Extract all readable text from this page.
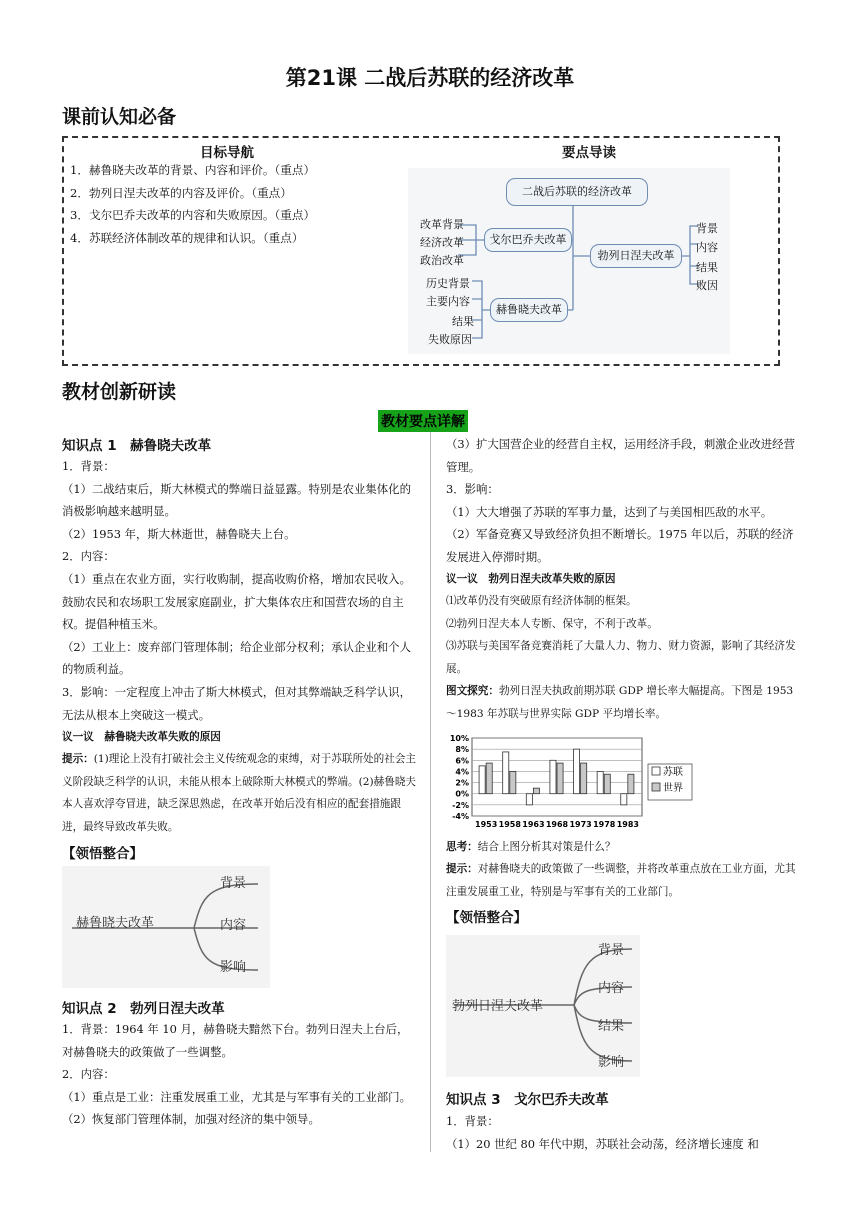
第21课 二战后苏联的经济改革
课前认知必备
目标导航	要点导读
1．赫鲁晓夫改革的背景、内容和评价。（重点）
2．勃列日涅夫改革的内容及评价。（重点）
3．戈尔巴乔夫改革的内容和失败原因。（重点）
4．苏联经济体制改革的规律和认识。（重点）
二战后苏联的经济改革
戈尔巴乔夫改革
勃列日涅夫改革
赫鲁晓夫改革
改革背景
经济改革
政治改革
背景
内容
结果
败因
历史背景
主要内容
结果
失败原因
教材创新研读
教材要点详解
知识点 1　赫鲁晓夫改革
1．背景：
（1）二战结束后，斯大林模式的弊端日益显露。特别是农业集体化的消极影响越来越明显。
（2）1953 年，斯大林逝世，赫鲁晓夫上台。
2．内容：
（1）重点在农业方面，实行收购制，提高收购价格，增加农民收入。鼓励农民和农场职工发展家庭副业，扩大集体农庄和国营农场的自主权。提倡种植玉米。
（2）工业上：废弃部门管理体制；给企业部分权利；承认企业和个人的物质利益。
3．影响：一定程度上冲击了斯大林模式，但对其弊端缺乏科学认识，无法从根本上突破这一模式。
议一议　赫鲁晓夫改革失败的原因
提示：(1)理论上没有打破社会主义传统观念的束缚，对于苏联所处的社会主义阶段缺乏科学的认识，未能从根本上破除斯大林模式的弊端。(2)赫鲁晓夫本人喜欢浮夸冒进，缺乏深思熟虑，在改革开始后没有相应的配套措施跟进，最终导致改革失败。
【领悟整合】
赫鲁晓夫改革
背景
内容
影响
知识点 2　勃列日涅夫改革
1．背景：1964 年 10 月，赫鲁晓夫黯然下台。勃列日涅夫上台后，对赫鲁晓夫的政策做了一些调整。
2．内容：
（1）重点是工业：注重发展重工业，尤其是与军事有关的工业部门。
（2）恢复部门管理体制，加强对经济的集中领导。
（3）扩大国营企业的经营自主权，运用经济手段，刺激企业改进经营管理。
3．影响：
（1）大大增强了苏联的军事力量，达到了与美国相匹敌的水平。
（2）军备竞赛又导致经济负担不断增长。1975 年以后，苏联的经济发展进入停滞时期。
议一议　勃列日涅夫改革失败的原因
⑴改革仍没有突破原有经济体制的框架。
⑵勃列日涅夫本人专断、保守，不利于改革。
⑶苏联与美国军备竞赛消耗了大量人力、物力、财力资源，影响了其经济发展。
图文探究：勃列日涅夫执政前期苏联 GDP 增长率大幅提高。下图是 1953～1983 年苏联与世界实际 GDP 平均增长率。
10%
8%
6%
4%
2%
0%
-2%
-4%
1953 1958 1963 1968 1973 1978 1983
苏联
世界
思考：结合上图分析其对策是什么？
提示：对赫鲁晓夫的政策做了一些调整，并将改革重点放在工业方面，尤其注重发展重工业，特别是与军事有关的工业部门。
【领悟整合】
勃列日涅夫改革
背景
内容
结果
影响
知识点 3　戈尔巴乔夫改革
1．背景：
（1）20 世纪 80 年代中期，苏联社会动荡，经济增长速度 和
